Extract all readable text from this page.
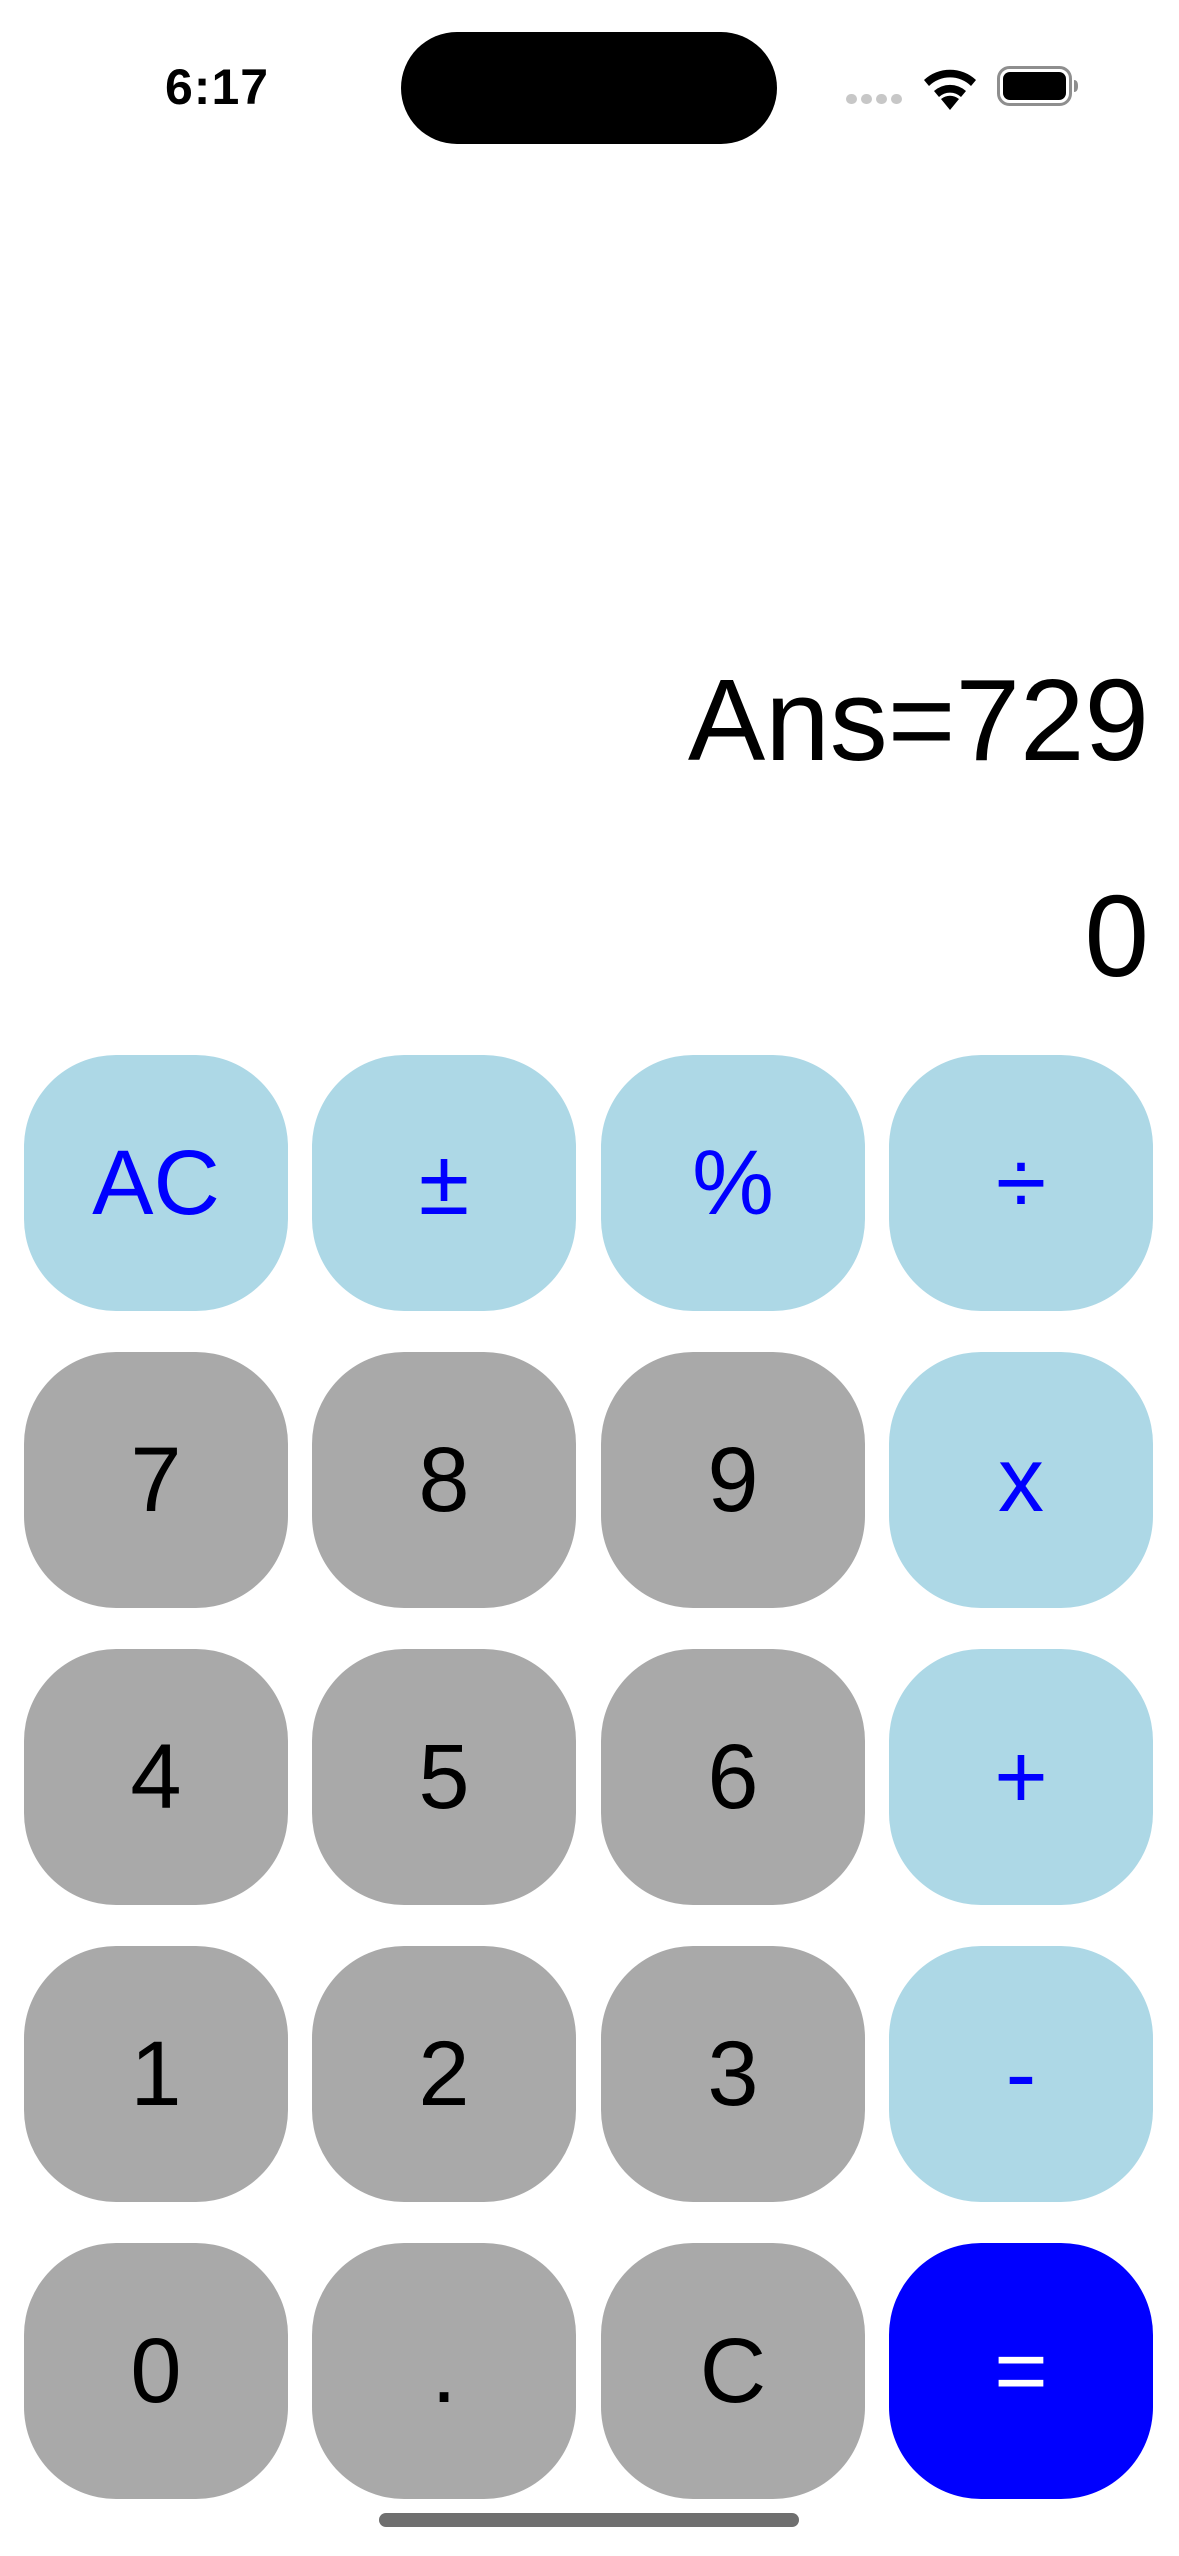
6:17
Ans=729
0
AC	±	%	÷
7	8	9	x
4	5	6	+
1	2	3	-
0	.	C	=
